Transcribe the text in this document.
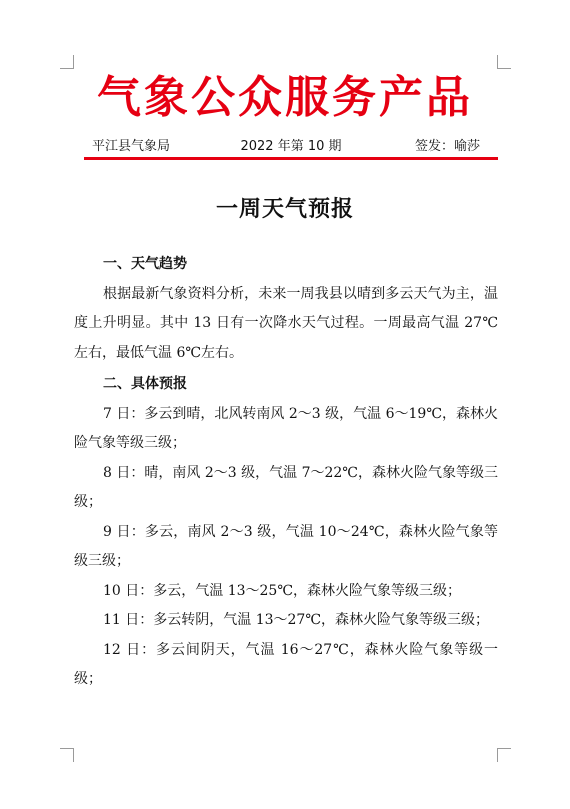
气象公众服务产品
平江县气象局	2022 年第 10 期	签发：喻莎
一周天气预报

一、天气趋势

根据最新气象资料分析，未来一周我县以晴到多云天气为主，温度上升明显。其中 13 日有一次降水天气过程。一周最高气温 27℃左右，最低气温 6℃左右。

二、具体预报

7 日：多云到晴，北风转南风 2～3 级，气温 6～19℃，森林火险气象等级三级；

8 日：晴，南风 2～3 级，气温 7～22℃，森林火险气象等级三级；

9 日：多云，南风 2～3 级，气温 10～24℃，森林火险气象等级三级；

10 日：多云，气温 13～25℃，森林火险气象等级三级；

11 日：多云转阴，气温 13～27℃，森林火险气象等级三级；

12 日：多云间阴天，气温 16～27℃，森林火险气象等级一级；
